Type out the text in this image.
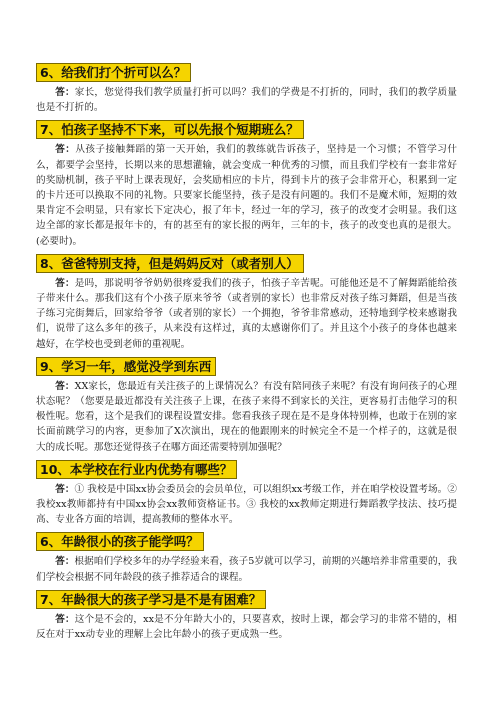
6、给我们打个折可以么？

答：家长，您觉得我们教学质量打折可以吗？我们的学费是不打折的，同时，我们的教学质量也是不打折的。

7、怕孩子坚持不下来，可以先报个短期班么？

答：从孩子接触舞蹈的第一天开始，我们的教练就告诉孩子，坚持是一个习惯；不管学习什么，都要学会坚持，长期以来的思想灌输，就会变成一种优秀的习惯，而且我们学校有一套非常好的奖励机制，孩子平时上课表现好，会奖励相应的卡片，得到卡片的孩子会非常开心，积累到一定的卡片还可以换取不同的礼物。只要家长能坚持，孩子是没有问题的。我们不是魔术师，短期的效果肯定不会明显，只有家长下定决心，报了年卡，经过一年的学习，孩子的改变才会明显。我们这边全部的家长都是报年卡的，有的甚至有的家长报的两年，三年的卡，孩子的改变也真的是很大。(必要时)。

8、爸爸特别支持，但是妈妈反对（或者别人）

答：是吗，那说明爷爷奶奶很疼爱我们的孩子，怕孩子辛苦呢。可能他还是不了解舞蹈能给孩子带来什么。那我们这有个小孩子原来爷爷（或者别的家长）也非常反对孩子练习舞蹈，但是当孩子练习完街舞后，回家给爷爷（或者别的家长）一个拥抱，爷爷非常感动，还特地到学校来感谢我们，说带了这么多年的孩子，从来没有这样过，真的太感谢你们了。并且这个小孩子的身体也越来越好，在学校也受到老师的重视呢。

9、学习一年，感觉没学到东西

答：XX家长，您最近有关注孩子的上课情况么？有没有陪同孩子来呢？有没有询问孩子的心理状态呢？（您要是最近都没有关注孩子上课，在孩子来得不到家长的关注，更容易打击他学习的积极性呢。您看，这个是我们的课程设置安排。您看我孩子现在是不是身体特别棒，也敢于在别的家长面前跳学习的内容，更参加了X次演出，现在的他跟刚来的时候完全不是一个样子的，这就是很大的成长呢。那您还觉得孩子在哪方面还需要特别加强呢？

10、本学校在行业内优势有哪些？

答：① 我校是中国xx协会委员会的会员单位，可以组织xx考级工作，并在咱学校设置考场。② 我校xx教师都持有中国xx协会xx教师资格证书。③ 我校的xx教师定期进行舞蹈教学技法、技巧提高、专业各方面的培训，提高教师的整体水平。

6、年龄很小的孩子能学吗？

答：根据咱们学校多年的办学经验来看，孩子5岁就可以学习，前期的兴趣培养非常重要的，我们学校会根据不同年龄段的孩子推荐适合的课程。

7、年龄很大的孩子学习是不是有困难？

答：这个是不会的，xx是不分年龄大小的，只要喜欢，按时上课，都会学习的非常不错的，相反在对于xx动专业的理解上会比年龄小的孩子更成熟一些。
